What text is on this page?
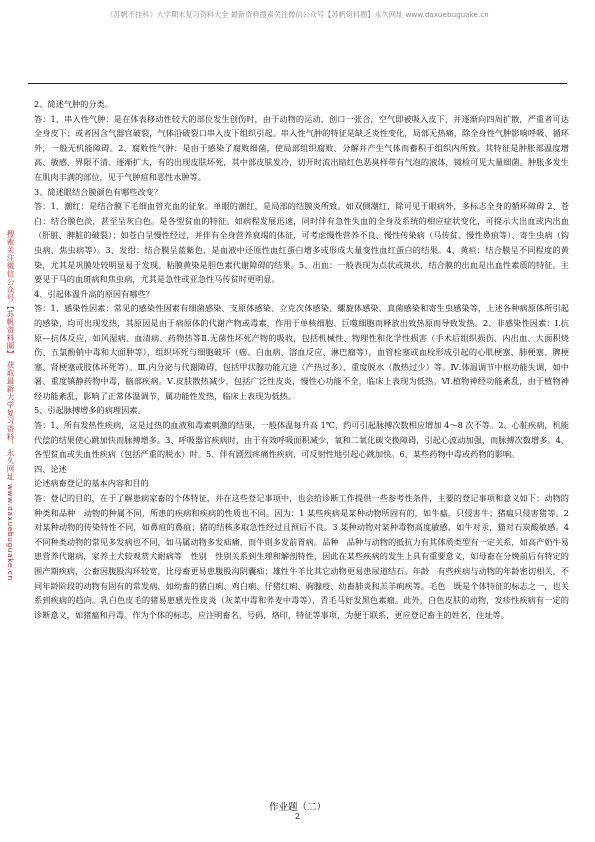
《苏帆不挂科》大学期末复习资料大全 最新资料搜索关注微信公众号【苏帆资料圈】永久网址 www.daxuebuguake.cn
搜索关注微信公众号【苏帆资料圈】 获取最新大学复习资料，永久网址 www.daxuebuguake.cn

2、简述气肿的分类。

答：1、串入性气肿：是在体表移动性较大的部位发生创伤时，由于动物的运动，创口一张合，空气即被吸入皮下，并逐渐向四周扩散，严重者可达全身皮下；或者因含气器官破裂，气体沿破裂口串入皮下组织引起。串入性气肿的特征是缺乏炎性变化，局部无热痛，除全身性气肿影响呼吸、循环外，一般无机能障碍。2、腐败性气肿：是由于感染了腐败细菌，使局部组织腐败、分解并产生气体而蓄积于组织内所致。其特征是肿胀部温度增高、敏感、界限不清、逐渐扩大，有的出现皮肤坏死，其中部皮肤发冷，切开时流出暗红色恶臭样带有气泡的液体，镜检可见大量细菌。肿胀多发生在肌肉丰满的部位，见于气肿疽和恶性水肿等。

3、简述眼结合膜颜色有哪些改变？

答：1、潮红：是结合膜下毛细血管充血的征象。单眼的潮红，是局部的结膜炎所致。如双侧潮红，除可见于眼病外，多标志全身的循环障碍 2、苍白：结合膜色淡，甚至呈灰白色。是各型贫血的特征。如病程发展迅速，同时伴有急性失血的全身及系统的相应症状变化，可提示大出血或内出血（肝脏、脾脏的破裂）；如苍白呈慢性经过，并伴有全身营养衰竭的体征，可考虑慢性营养不良、慢性传染病（马传贫、慢性鼻疽等）、寄生虫病（钩虫病、焦虫病等）。3、发绀：结合膜呈蓝紫色，是血液中还原性血红蛋白增多或形成大量变性血红蛋白的结果。4、黄疸：结合膜呈不同程度的黄染，尤其是巩膜处较明显易于发现。粘膜黄染是胆色素代谢障碍的结果。5、出血：一般表现为点状或斑状，结合膜的出血是出血性素质的特征。主要见于马的血斑病和焦虫病，尤其是急性或亚急性马传贫时更明显。

4、引起体温升高的原因有哪些？

答：1、感染性因素：常见的感染性因素有细菌感染、支原体感染、立克次体感染、螺旋体感染、真菌感染和寄生虫感染等，上述各种病原体所引起的感染，均可出现发热，其原因是由于病原体的代谢产物或毒素，作用于单核细胞、巨噬细胞而释放出致热原而导致发热。2、非感染性因素：Ⅰ.抗原—抗体反应，如风湿病、血清病、药物热等Ⅱ.无菌性坏死产物的吸收，包括机械性、物理性和化学性损害（手术后组织损伤、内出血、大面积烧伤、五氯酚钠中毒和大面肿等），组织坏死与细胞破坏（癌、白血病、溶血反应、淋巴瘤等），血管栓塞或血栓形成引起的心肌梗塞、肺梗塞、脾梗塞、肾梗塞或肢体坏死等）。Ⅲ.内分泌与代谢障碍，包括甲状腺功能亢进（产热过多），重度脱水（散热过少）等。Ⅳ.体温调节中枢功能失调，如中暑、重度镇静药物中毒，脑部疾病。Ⅴ.皮肤散热减少，包括广泛性皮炎，慢性心功能不全，临床上表现为低热。Ⅵ.植物神经功能紊乱，由于植物神经功能紊乱，影响了正常体温调节，属功能性发热，临床上表现为低热。

5、引起脉搏增多的病理因素。

答：1、所有发热性疾病，这是过热的血液和毒素刺激的结果，一般体温每升高 1℃，约可引起脉搏次数相应增加 4～8 次不等。2、心脏疾病，机能代偿的结果使心跳加快而脉搏增多。3、呼吸器官疾病时，由于有效呼吸面积减少，氧和二氧化碳交换障碍，引起心波动加强，而脉搏次数增多。4、各型贫血或失血性疾病（包括严重的脱水）时。5、伴有剧烈疼痛性疾病，可反射性地引起心跳加快。6、某些药物中毒或药物的影响。

四、论述

论述病畜登记的基本内容和目的

答：登记的目的，在于了解患病家畜的个体特征，并在这些登记事项中，也会给诊断工作提供一些参考性条件，主要的登记事项和意义如下：动物的种类和品种　动物的种属不同，所患的疾病和疾病的性质也不同。因为：1 某些疾病是某种动物所固有的，如牛瘟，只侵害牛；猪瘟只侵害猪等。2 对某种动物的传染特性不同，如鼻疽的鼻疽；猪的结核多取急性经过且预后不良。3 某种动物对某种毒物高度敏感，如牛对汞，猫对石炭酸敏感。4 不同种类动物的常见多发病也不同，如马属动物多发疝痛，而牛则多发前胃病。品种　品种与动物的抵抗力有其体质类型有一定关系，如高产奶牛易患营养代谢病，家养土犬较观赏犬耐病等　性别　性别关系到生理和解剖特性，因此在某些疾病的发生上具有重要意义，如母畜在分娩前后有特定的围产期疾病，公畜因腹股沟环较宽，比母畜更易患腹股沟阴囊疝；雄性牛羊比其它动物更易患尿道结石。年龄　有些疾病与动物的年龄密切相关，不同年龄阶段的动物有固有的常发病，如幼畜的猪白痢、鸡白痢、仔猪红痢、驹腺疫、幼畜肺炎和羔羊痢疾等。毛色　既是个体特征的标志之一，也关系到疾病的趋向。乳白色皮毛的猪易患感光性皮炎（灰菜中毒和荞麦中毒等），青毛马好发黑色素瘤。此外，白色皮肤的动物，发疹性疾病有一定的诊断意义，如猪瘟和丹毒。作为个体的标志，应注明畜名，号码，烙印，特征等事项，为便于联系，更应登记畜主的姓名，住址等。

作业题（二）
2
